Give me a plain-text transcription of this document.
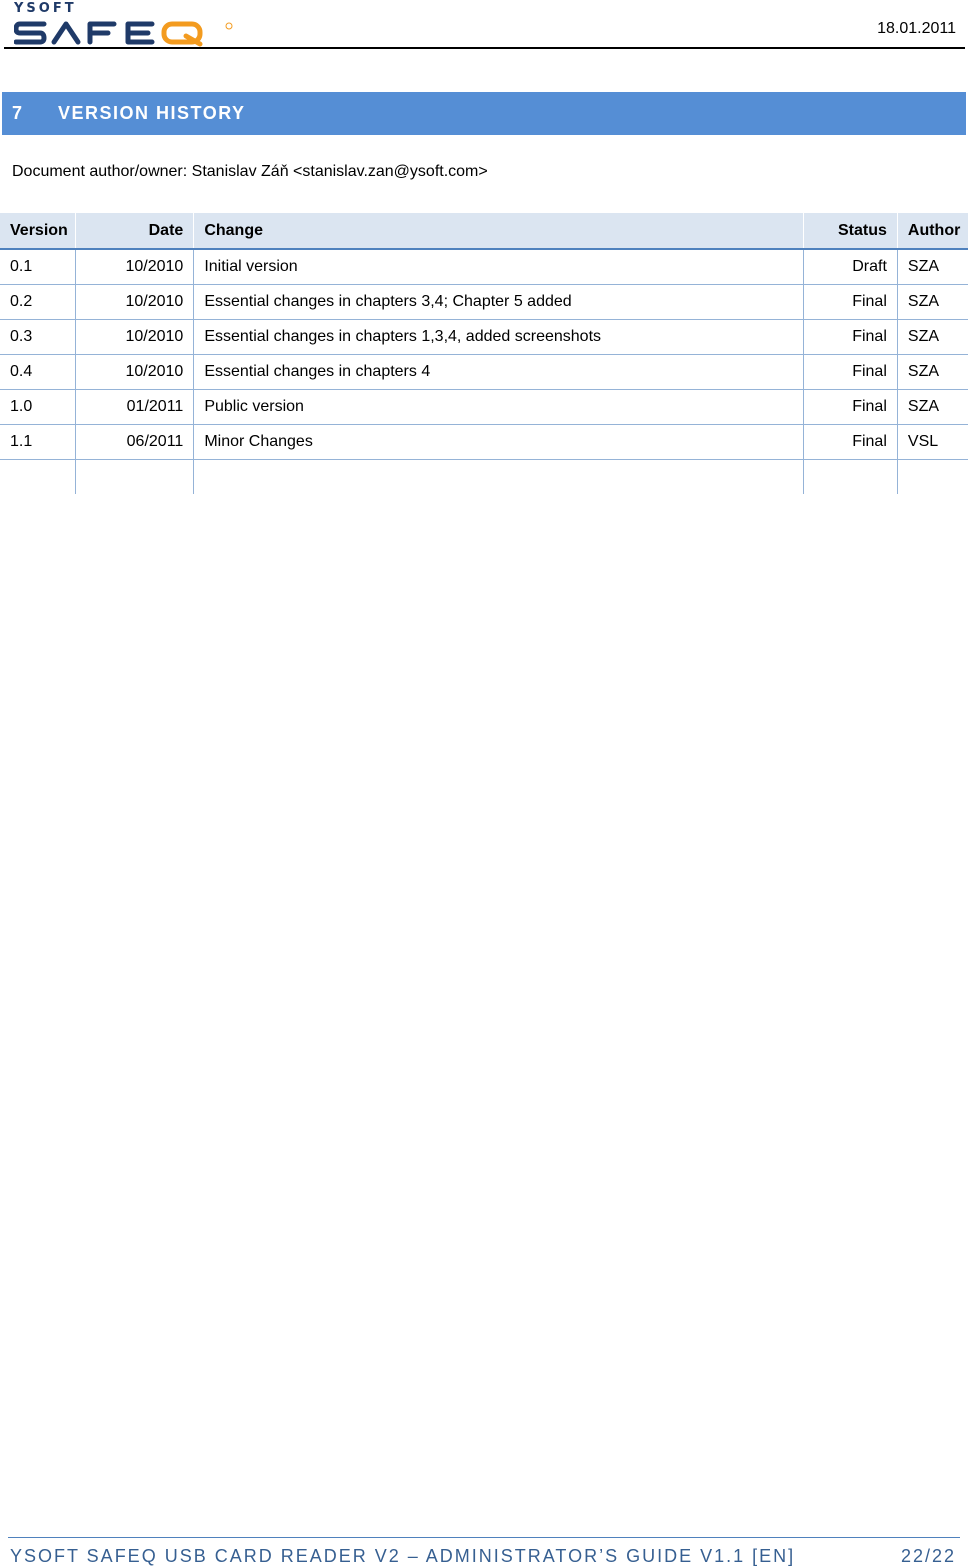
YSOFT
18.01.2011
7	VERSION HISTORY
Document author/owner: Stanislav Záň <stanislav.zan@ysoft.com>
Version	Date	Change	Status	Author
0.1	10/2010	Initial version	Draft	SZA
0.2	10/2010	Essential changes in chapters 3,4; Chapter 5 added	Final	SZA
0.3	10/2010	Essential changes in chapters 1,3,4, added screenshots	Final	SZA
0.4	10/2010	Essential changes in chapters 4	Final	SZA
1.0	01/2011	Public version	Final	SZA
1.1	06/2011	Minor Changes	Final	VSL

YSOFT SAFEQ USB CARD READER V2 – ADMINISTRATOR’S GUIDE V1.1 [EN]	22/22
